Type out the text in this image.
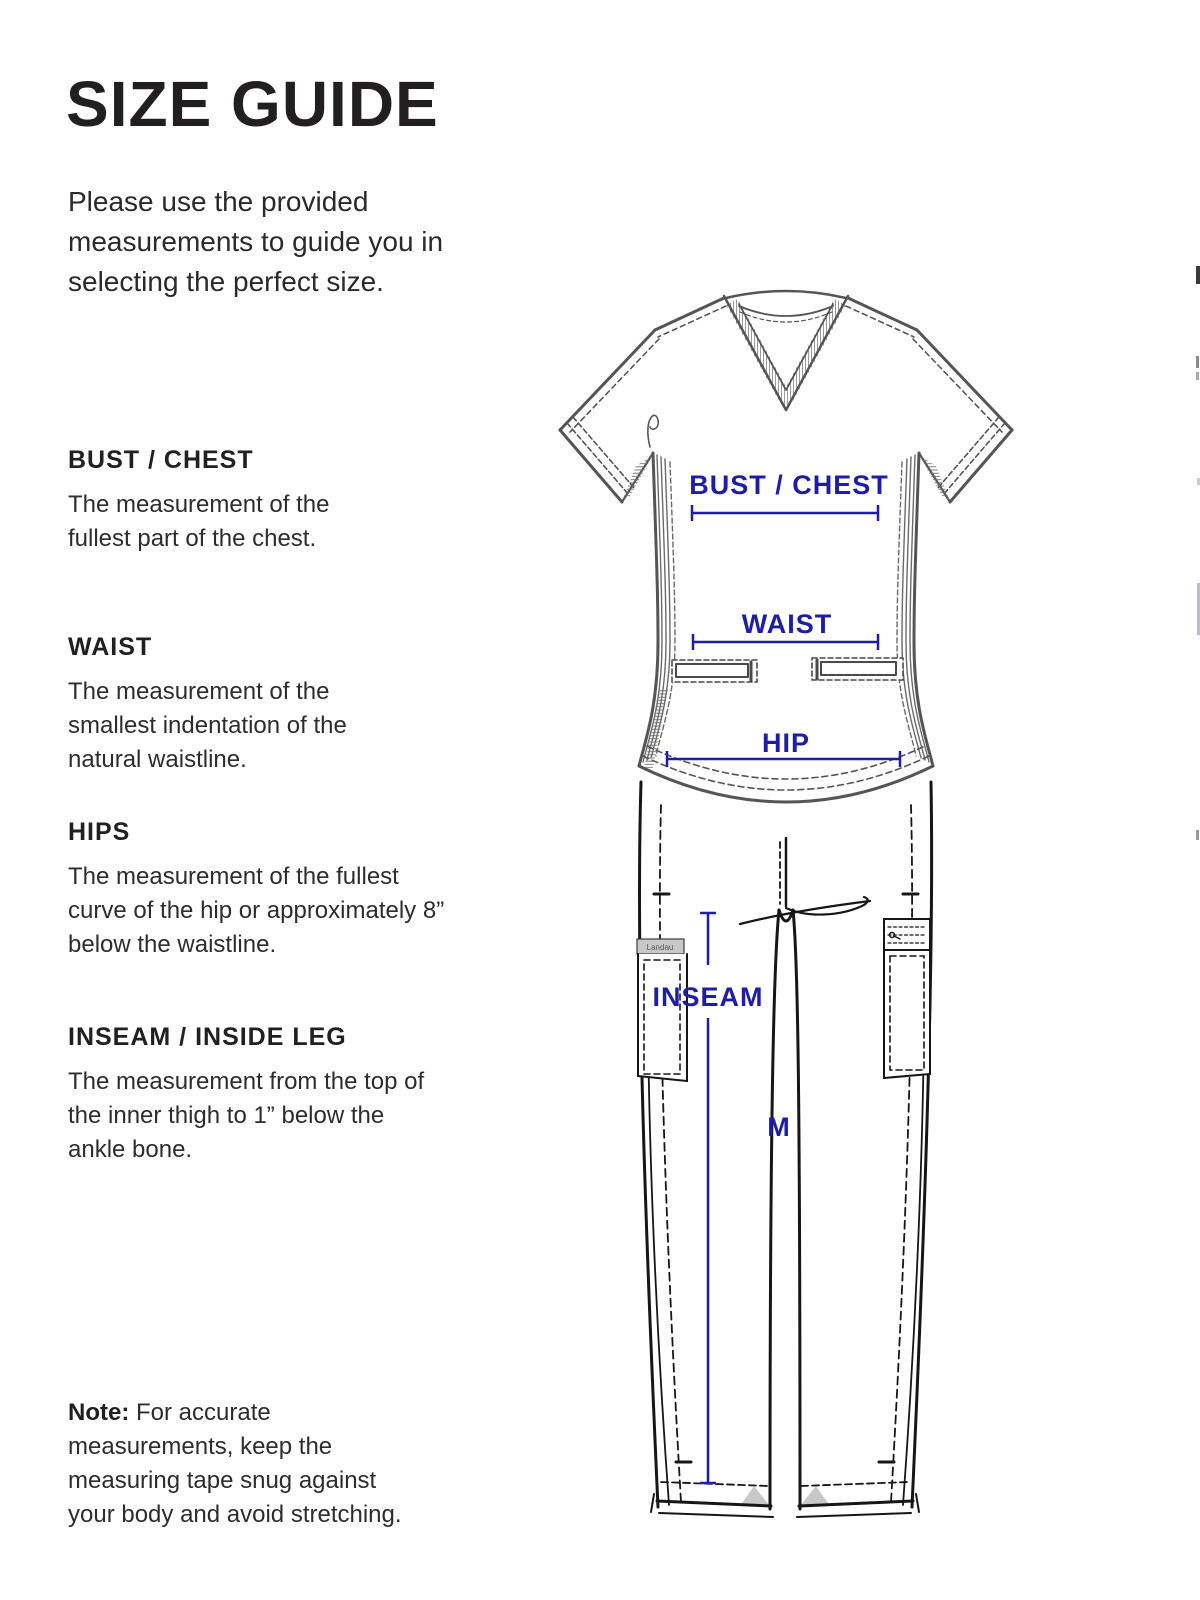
SIZE GUIDE

Please use the provided measurements to guide you in selecting the perfect size.

BUST / CHEST

The measurement of the fullest part of the chest.

WAIST

The measurement of the smallest indentation of the natural waistline.

HIPS

The measurement of the fullest curve of the hip or approximately 8” below the waistline.

INSEAM / INSIDE LEG

The measurement from the top of the inner thigh to 1” below the ankle bone.

Note: For accurate measurements, keep the measuring tape snug against your body and avoid stretching.
Landau
BUST / CHEST
WAIST
HIP
INSEAM
M
